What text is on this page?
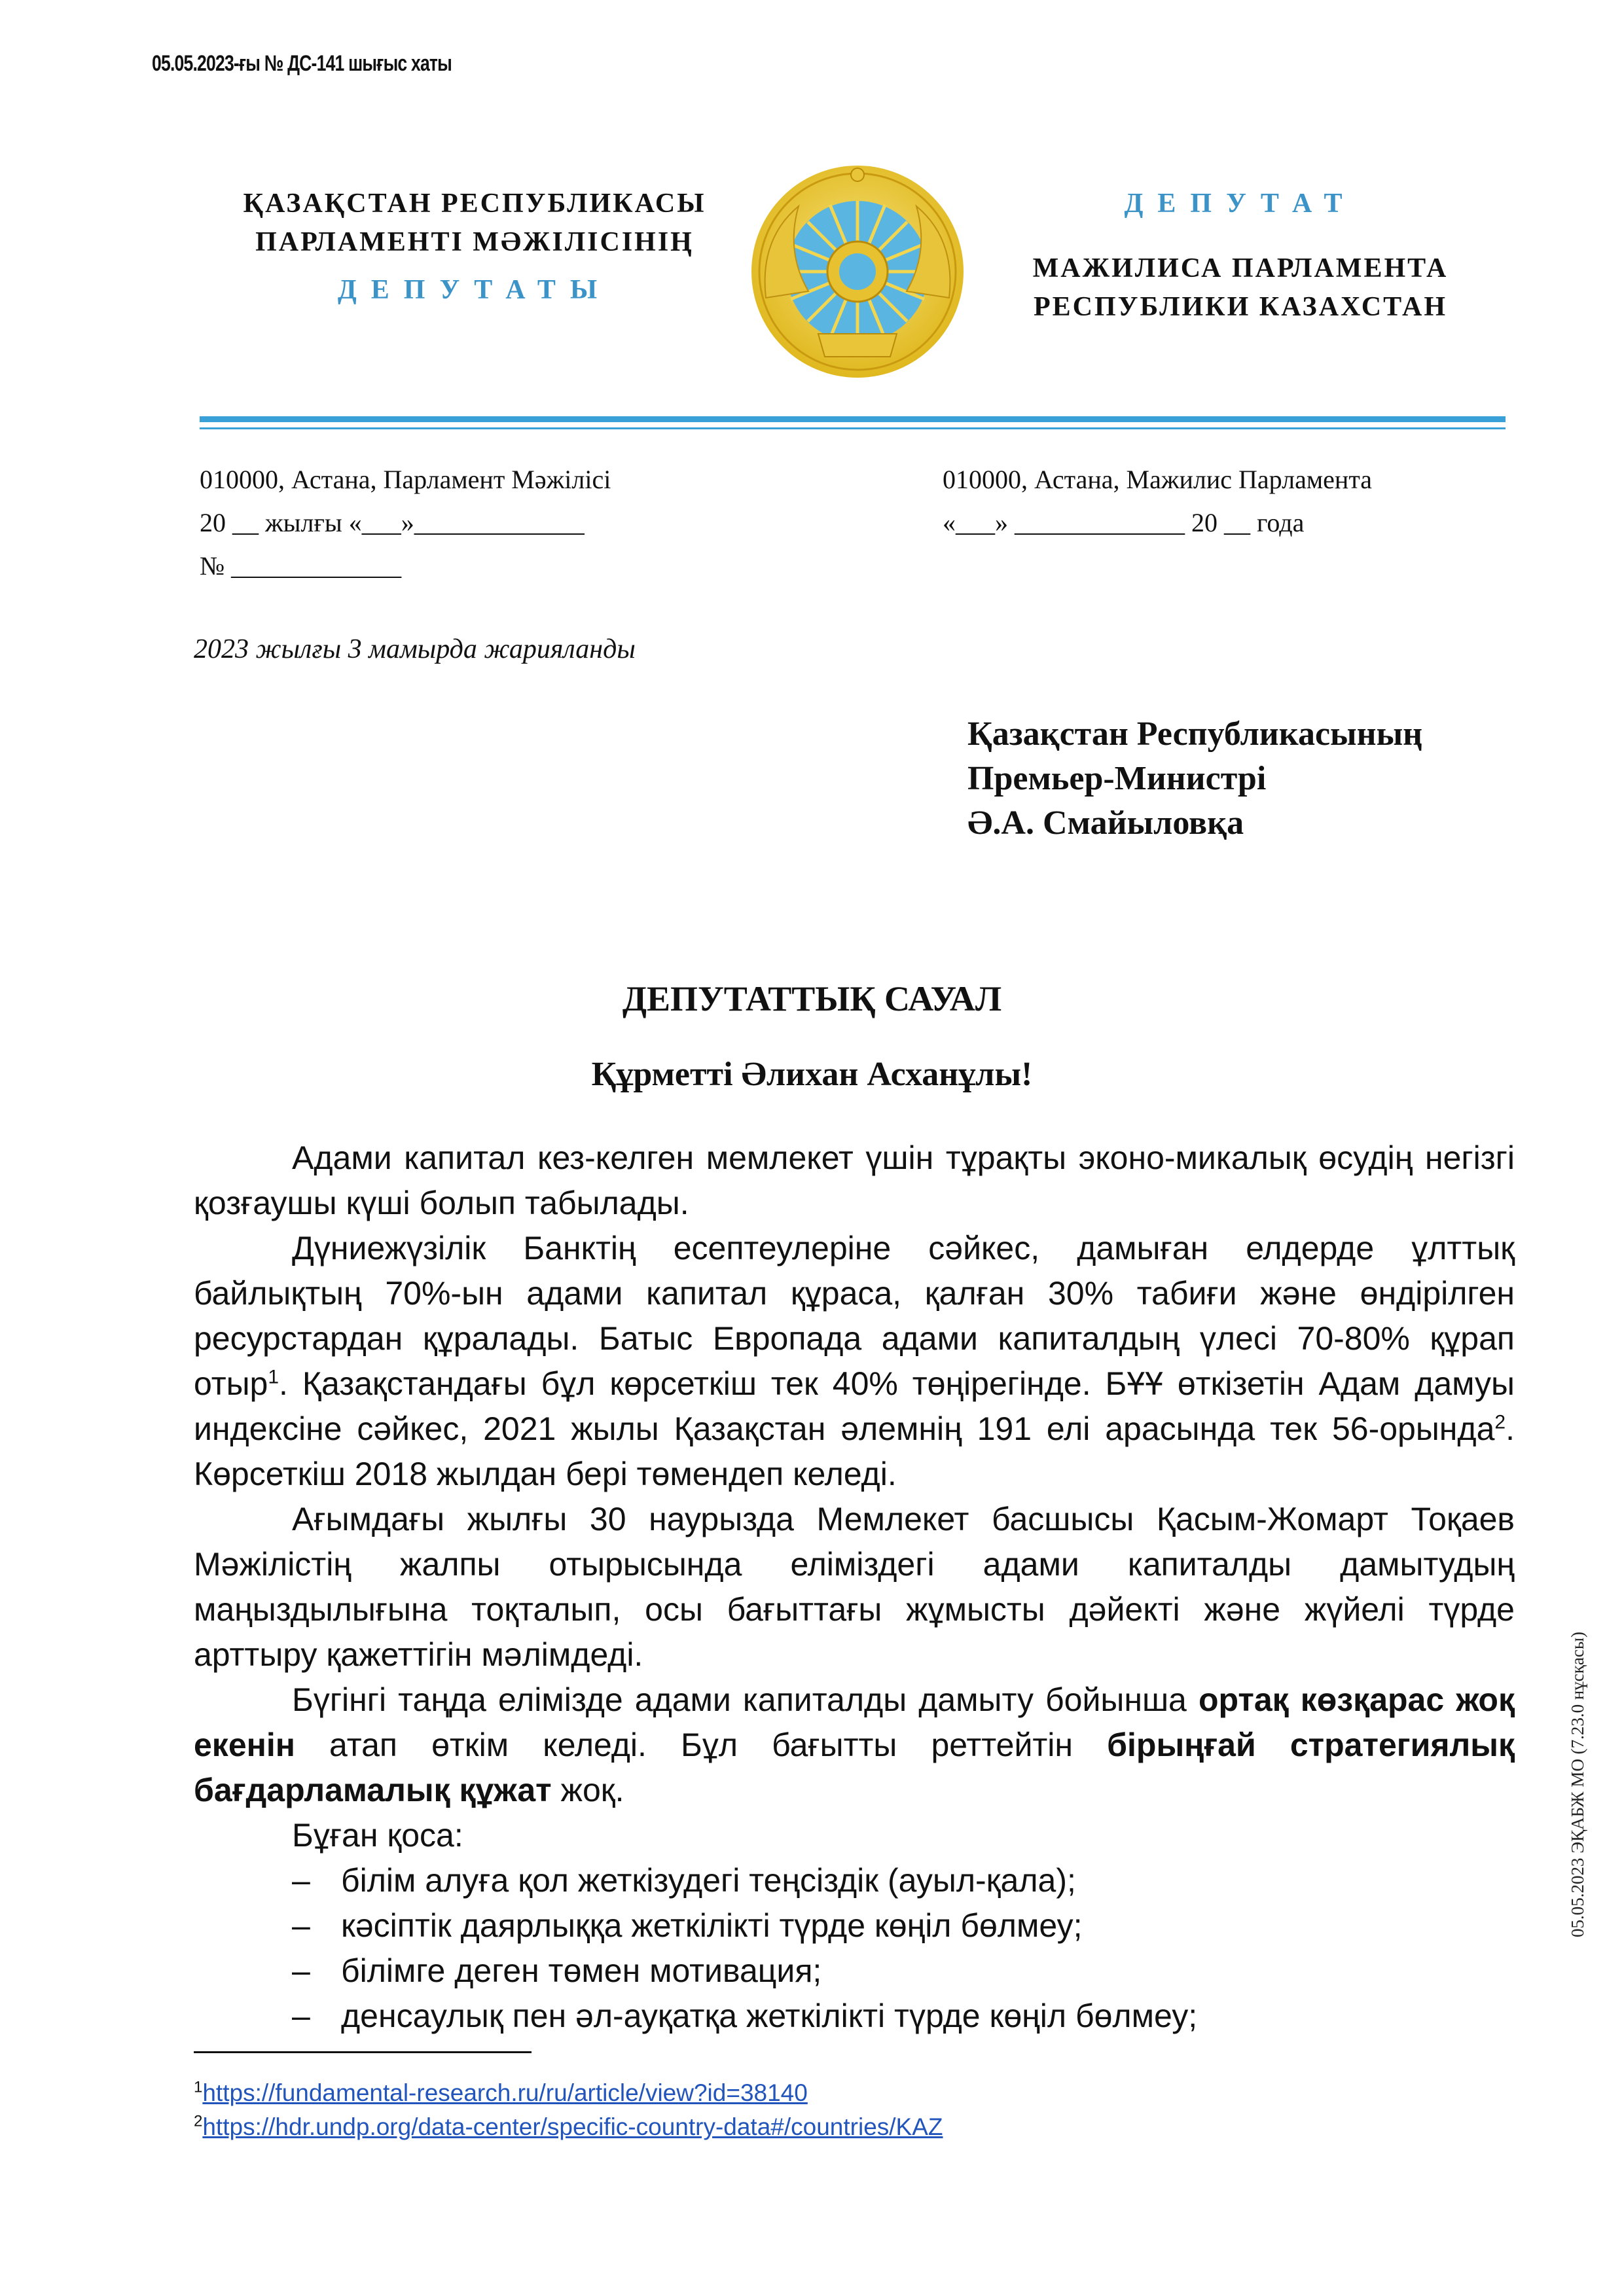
05.05.2023-ғы № ДС-141 шығыс хаты
ҚАЗАҚСТАН РЕСПУБЛИКАСЫ
ПАРЛАМЕНТІ МӘЖІЛІСІНІҢ
ДЕПУТАТЫ
ДЕПУТАТ
МАЖИЛИСА ПАРЛАМЕНТА
РЕСПУБЛИКИ КАЗАХСТАН
010000, Астана, Парламент Мәжілісі
20 __ жылғы «___»_____________
№ _____________
010000, Астана, Мажилис Парламента
«___» _____________ 20 __ года
2023 жылғы 3 мамырда жарияланды
Қазақстан Республикасының
Премьер-Министрі
Ә.А. Смайыловқа
ДЕПУТАТТЫҚ САУАЛ
Құрметті Әлихан Асханұлы!

Адами капитал кез-келген мемлекет үшін тұрақты эконо-микалық өсудің негізгі қозғаушы күші болып табылады.

Дүниежүзілік Банктің есептеулеріне сәйкес, дамыған елдерде ұлттық байлықтың 70%-ын адами капитал құраса, қалған 30% табиғи және өндірілген ресурстардан құралады. Батыс Европада адами капиталдың үлесі 70-80% құрап отыр$^1$. Қазақстандағы бұл көрсеткіш тек 40% төңірегінде. БҰҰ өткізетін Адам дамуы индексіне сәйкес, 2021 жылы Қазақстан әлемнің 191 елі арасында тек 56-орында$^2$. Көрсеткіш 2018 жылдан бері төмендеп келеді.

Ағымдағы жылғы 30 наурызда Мемлекет басшысы Қасым-Жомарт Тоқаев Мәжілістің жалпы отырысында еліміздегі адами капиталды дамытудың маңыздылығына тоқталып, осы бағыттағы жұмысты дәйекті және жүйелі түрде арттыру қажеттігін мәлімдеді.

Бүгінгі таңда елімізде адами капиталды дамыту бойынша ортақ көзқарас жоқ екенін атап өткім келеді. Бұл бағытты реттейтін бірыңғай стратегиялық бағдарламалық құжат жоқ.

Бұған қоса:

– білім алуға қол жеткізудегі теңсіздік (ауыл-қала);
– кәсіптік даярлыққа жеткілікті түрде көңіл бөлмеу;
– білімге деген төмен мотивация;
– денсаулық пен әл-ауқатқа жеткілікті түрде көңіл бөлмеу;
$^1$https://fundamental-research.ru/ru/article/view?id=38140
$^2$https://hdr.undp.org/data-center/specific-country-data#/countries/KAZ
05.05.2023 ЭҚАБЖ МО (7.23.0 нұсқасы)
